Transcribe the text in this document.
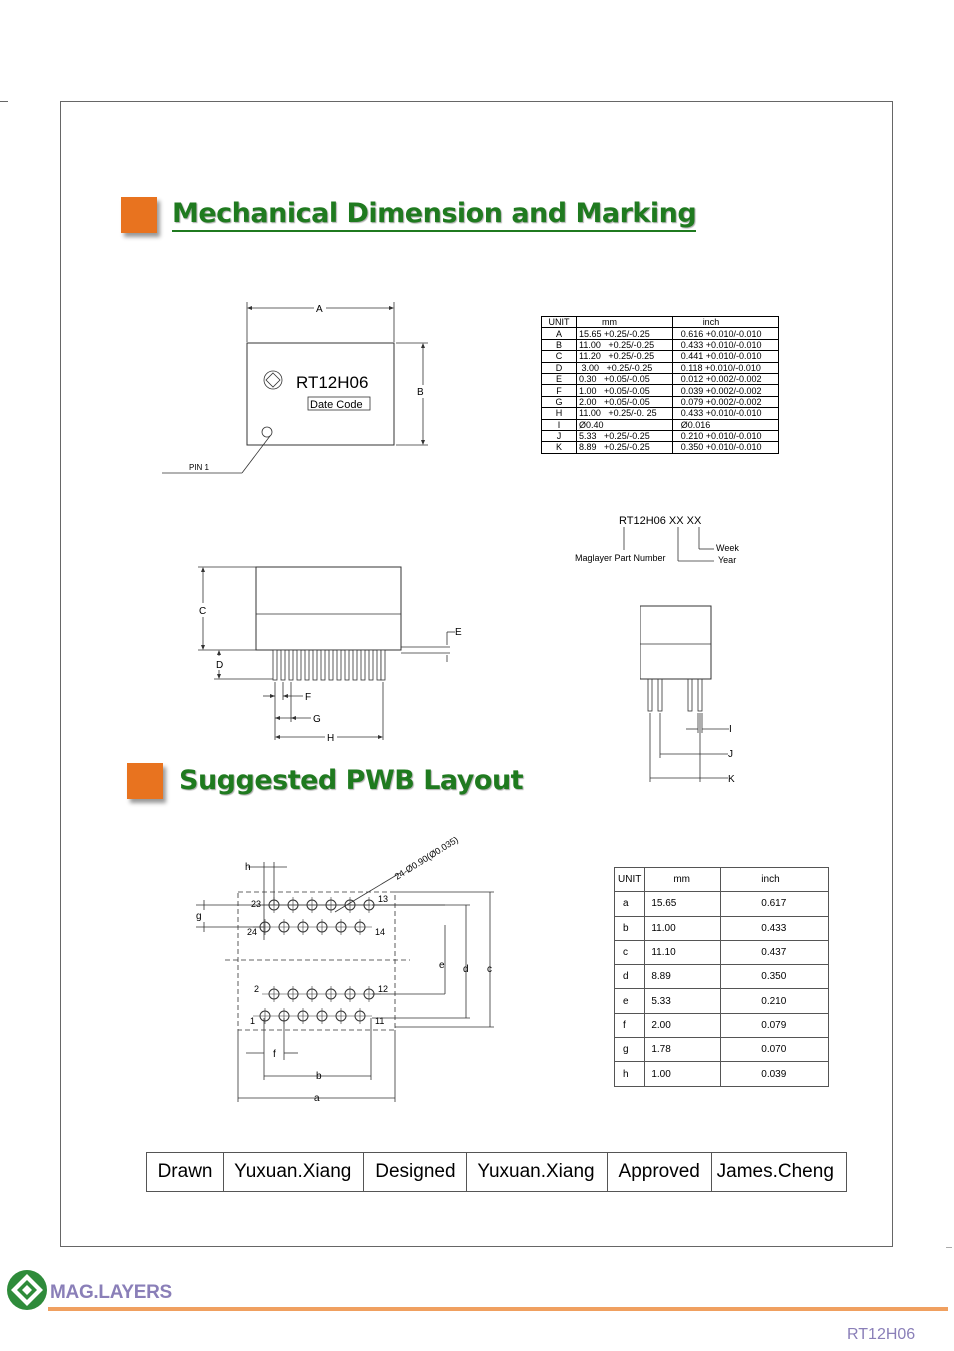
Mechanical Dimension and Marking
A
B
RT12H06
Date Code
PIN 1
UNIT	mm	inch
A	15.65 +0.25/-0.25	0.616 +0.010/-0.010
B	11.00   +0.25/-0.25	0.433 +0.010/-0.010
C	11.20   +0.25/-0.25	0.441 +0.010/-0.010
D	3.00   +0.25/-0.25	0.118 +0.010/-0.010
E	0.30   +0.05/-0.05	0.012 +0.002/-0.002
F	1.00   +0.05/-0.05	0.039 +0.002/-0.002
G	2.00   +0.05/-0.05	0.079 +0.002/-0.002
H	11.00   +0.25/-0. 25	0.433 +0.010/-0.010
I	Ø0.40	Ø0.016
J	5.33   +0.25/-0.25	0.210 +0.010/-0.010
K	8.89   +0.25/-0.25	0.350 +0.010/-0.010
C
D
E
F
G
H
RT12H06 XX XX
Maglayer Part Number
Week
Year
I
J
K
Suggested PWB Layout
24-Ø0.90(Ø0.035)
23	13
24	14
2	12
1	11
h
g
e d c
f
b
a
UNIT	mm	inch
a	15.65	0.617
b	11.00	0.433
c	11.10	0.437
d	8.89	0.350
e	5.33	0.210
f	2.00	0.079
g	1.78	0.070
h	1.00	0.039
Drawn	Yuxuan.Xiang	Designed	Yuxuan.Xiang	Approved	James.Cheng
MAG.LAYERS
RT12H06
